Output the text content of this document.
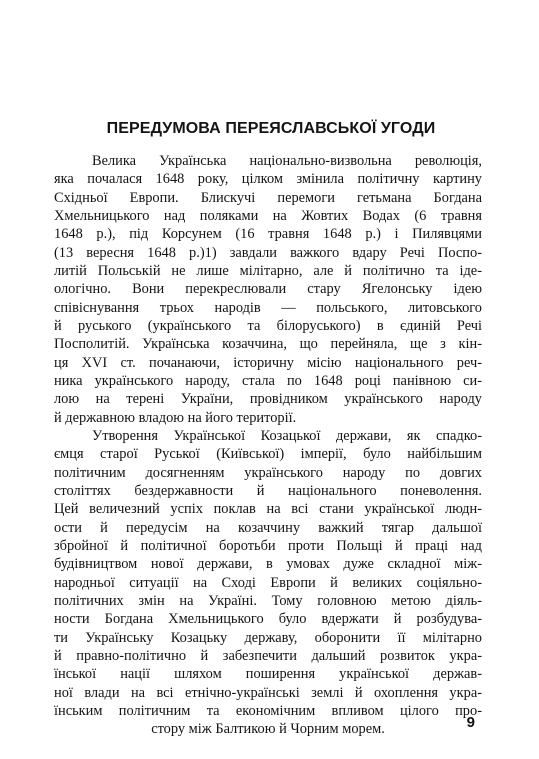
ПЕРЕДУМОВА ПЕРЕЯСЛАВСЬКОЇ УГОДИ
Велика Українська національно-визвольна революція,
яка почалася 1648 року, цілком змінила політичну картину
Східньої Европи. Блискучі перемоги гетьмана Богдана
Хмельницького над поляками на Жовтих Водах (6 травня
1648 р.), під Корсунем (16 травня 1648 р.) і Пилявцями
(13 вересня 1648 р.)1) завдали важкого вдару Речі Поспо-
литій Польській не лише мілітарно, але й політично та іде-
ологічно. Вони перекреслювали стару Ягелонську ідею
співіснування трьох народів — польського, литовського
й руського (українського та білоруського) в єдиній Речі
Посполитій. Українська козаччина, що перейняла, ще з кін-
ця XVI ст. почанаючи, історичну місію національного реч-
ника українського народу, стала по 1648 році панівною си-
лою на терені України, провідником українського народу
й державною владою на його території.
Утворення Української Козацької держави, як спадко-
ємця старої Руської (Київської) імперії, було найбільшим
політичним досягненням українського народу по довгих
століттях бездержавности й національного поневолення.
Цей величезний успіх поклав на всі стани української людн-
ости й передусім на козаччину важкий тягар дальшої
збройної й політичної боротьби проти Польщі й праці над
будівництвом нової держави, в умовах дуже складної між-
народньої ситуації на Сході Европи й великих соціяльно-
політичних змін на Україні. Тому головною метою діяль-
ности Богдана Хмельницького було вдержати й розбудува-
ти Українську Козацьку державу, оборонити її мілітарно
й правно-політично й забезпечити дальший розвиток укра-
їнської нації шляхом поширення української держав-
ної влади на всі етнічно-українські землі й охоплення укра-
їнським політичним та економічним впливом цілого про-
стору між Балтикою й Чорним морем.	9
